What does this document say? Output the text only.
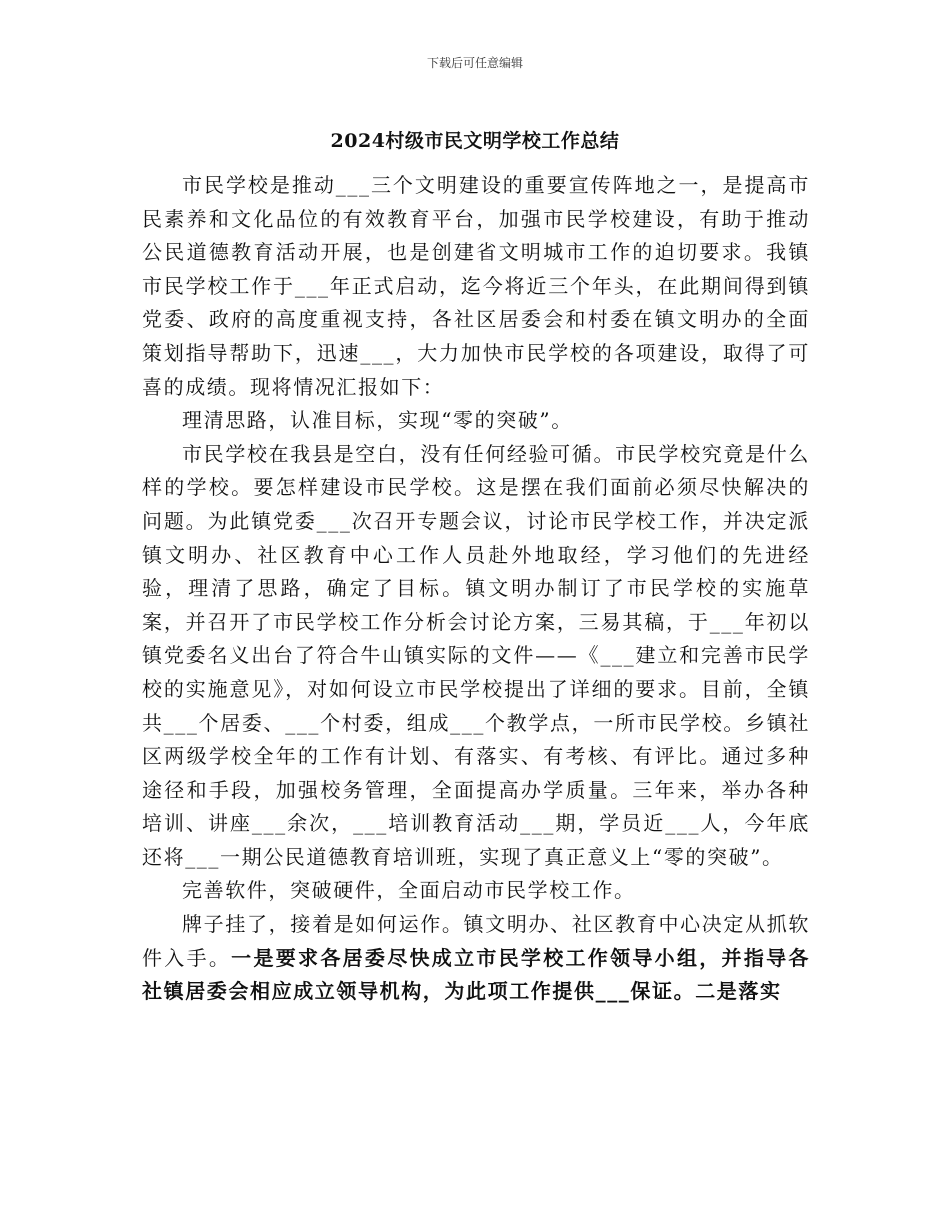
下载后可任意编辑
2024村级市民文明学校工作总结

市民学校是推动___三个文明建设的重要宣传阵地之一，是提高市民素养和文化品位的有效教育平台，加强市民学校建设，有助于推动公民道德教育活动开展，也是创建省文明城市工作的迫切要求。我镇市民学校工作于___年正式启动，迄今将近三个年头，在此期间得到镇党委、政府的高度重视支持，各社区居委会和村委在镇文明办的全面策划指导帮助下，迅速___，大力加快市民学校的各项建设，取得了可喜的成绩。现将情况汇报如下：

理清思路，认准目标，实现“零的突破”。

市民学校在我县是空白，没有任何经验可循。市民学校究竟是什么样的学校。要怎样建设市民学校。这是摆在我们面前必须尽快解决的问题。为此镇党委___次召开专题会议，讨论市民学校工作，并决定派镇文明办、社区教育中心工作人员赴外地取经，学习他们的先进经验，理清了思路，确定了目标。镇文明办制订了市民学校的实施草案，并召开了市民学校工作分析会讨论方案，三易其稿，于___年初以镇党委名义出台了符合牛山镇实际的文件——《___建立和完善市民学校的实施意见》，对如何设立市民学校提出了详细的要求。目前，全镇共___个居委、___个村委，组成___个教学点，一所市民学校。乡镇社区两级学校全年的工作有计划、有落实、有考核、有评比。通过多种途径和手段，加强校务管理，全面提高办学质量。三年来，举办各种培训、讲座___余次，___培训教育活动___期，学员近___人，今年底还将___一期公民道德教育培训班，实现了真正意义上“零的突破”。

完善软件，突破硬件，全面启动市民学校工作。

牌子挂了，接着是如何运作。镇文明办、社区教育中心决定从抓软件入手。一是要求各居委尽快成立市民学校工作领导小组，并指导各社镇居委会相应成立领导机构，为此项工作提供___保证。二是落实
